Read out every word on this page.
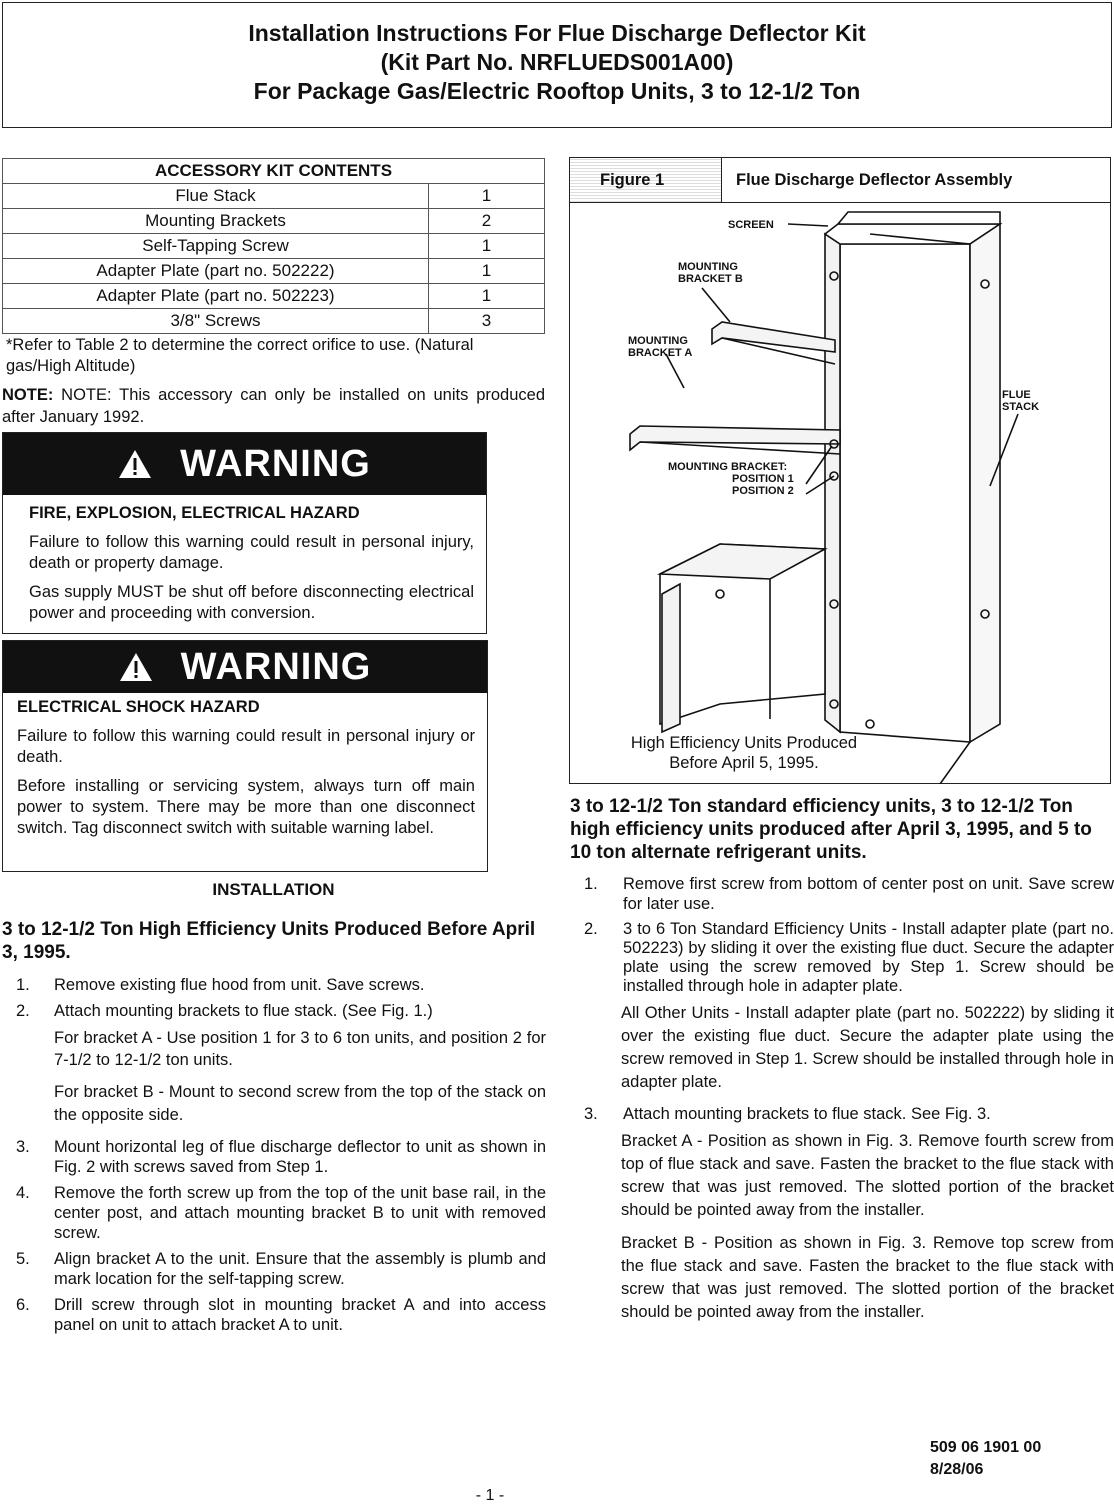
Installation Instructions For Flue Discharge Deflector Kit
(Kit Part No. NRFLUEDS001A00)
For Package Gas/Electric Rooftop Units, 3 to 12-1/2 Ton
ACCESSORY KIT CONTENTS	
Flue Stack	1
Mounting Brackets	2
Self-Tapping Screw	1
Adapter Plate (part no. 502222)	1
Adapter Plate (part no. 502223)	1
3/8" Screws	3
*Refer to Table 2 to determine the correct orifice to use. (Natural gas/High Altitude)
NOTE: NOTE: This accessory can only be installed on units produced after January 1992.
WARNING
FIRE, EXPLOSION, ELECTRICAL HAZARD

Failure to follow this warning could result in personal injury, death or property damage.

Gas supply MUST be shut off before disconnecting electrical power and proceeding with conversion.

WARNING
ELECTRICAL SHOCK HAZARD

Failure to follow this warning could result in personal injury or death.

Before installing or servicing system, always turn off main power to system. There may be more than one disconnect switch. Tag disconnect switch with suitable warning label.

INSTALLATION
3 to 12-1/2 Ton High Efficiency Units Produced Before April 3, 1995.
1. Remove existing flue hood from unit. Save screws.
2. Attach mounting brackets to flue stack. (See Fig. 1.)
For bracket A - Use position 1 for 3 to 6 ton units, and position 2 for 7-1/2 to 12-1/2 ton units.
For bracket B - Mount to second screw from the top of the stack on the opposite side.
3. Mount horizontal leg of flue discharge deflector to unit as shown in Fig. 2 with screws saved from Step 1.
4. Remove the forth screw up from the top of the unit base rail, in the center post, and attach mounting bracket B to unit with removed screw.
5. Align bracket A to the unit. Ensure that the assembly is plumb and mark location for the self-tapping screw.
6. Drill screw through slot in mounting bracket A and into access panel on unit to attach bracket A to unit.
Figure 1	Flue Discharge Deflector Assembly
SCREEN
MOUNTING
BRACKET B
MOUNTING
BRACKET A
FLUE
STACK
MOUNTING BRACKET:
POSITION 1
POSITION 2
High Efficiency Units Produced
Before April 5, 1995.
3 to 12-1/2 Ton standard efficiency units, 3 to 12-1/2 Ton high efficiency units produced after April 3, 1995, and 5 to 10 ton alternate refrigerant units.
1. Remove first screw from bottom of center post on unit. Save screw for later use.
2. 3 to 6 Ton Standard Efficiency Units - Install adapter plate (part no. 502223) by sliding it over the existing flue duct. Secure the adapter plate using the screw removed by Step 1. Screw should be installed through hole in adapter plate.
All Other Units - Install adapter plate (part no. 502222) by sliding it over the existing flue duct. Secure the adapter plate using the screw removed in Step 1. Screw should be installed through hole in adapter plate.
3. Attach mounting brackets to flue stack. See Fig. 3.
Bracket A - Position as shown in Fig. 3. Remove fourth screw from top of flue stack and save. Fasten the bracket to the flue stack with screw that was just removed. The slotted portion of the bracket should be pointed away from the installer.
Bracket B - Position as shown in Fig. 3. Remove top screw from the flue stack and save. Fasten the bracket to the flue stack with screw that was just removed. The slotted portion of the bracket should be pointed away from the installer.
509 06 1901 00
8/28/06
- 1 -
